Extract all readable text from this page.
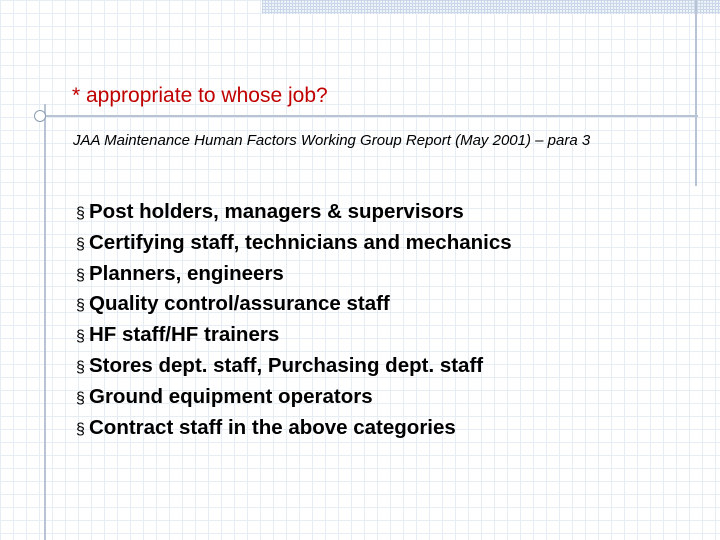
* appropriate to whose job?

JAA Maintenance Human Factors Working Group Report (May 2001) – para 3

§ Post holders, managers & supervisors
§ Certifying staff, technicians and mechanics
§ Planners, engineers
§ Quality control/assurance staff
§ HF staff/HF trainers
§ Stores dept. staff, Purchasing dept. staff
§ Ground equipment operators
§ Contract staff in the above categories
